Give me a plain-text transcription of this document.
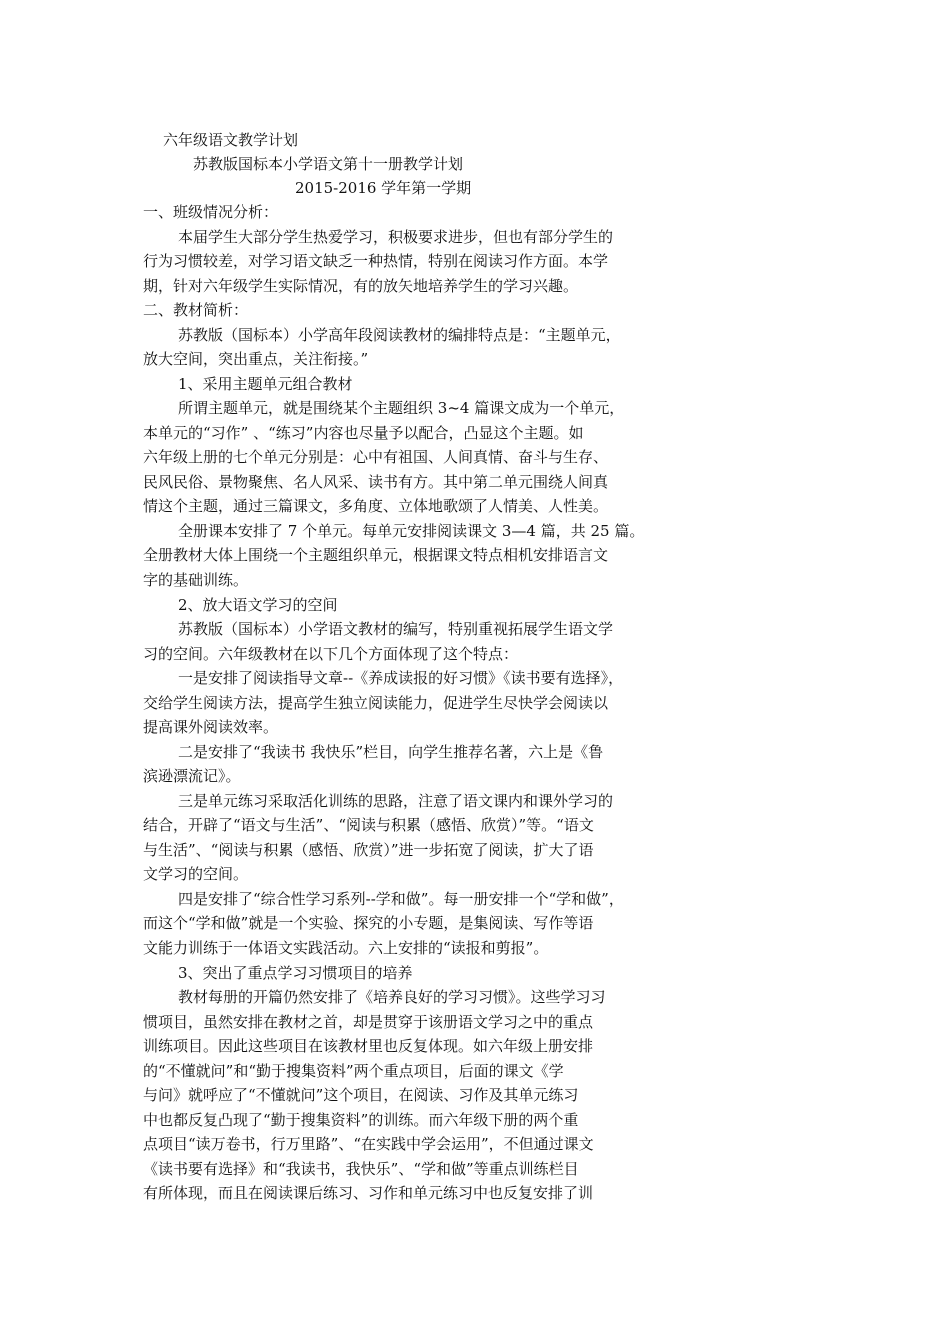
六年级语文教学计划
苏教版国标本小学语文第十一册教学计划
2015-2016 学年第一学期
一、班级情况分析：
本届学生大部分学生热爱学习，积极要求进步，但也有部分学生的
行为习惯较差，对学习语文缺乏一种热情，特别在阅读习作方面。本学
期，针对六年级学生实际情况，有的放矢地培养学生的学习兴趣。
二、教材简析：
苏教版（国标本）小学高年段阅读教材的编排特点是：“主题单元，
放大空间，突出重点，关注衔接。”
1、采用主题单元组合教材
所谓主题单元，就是围绕某个主题组织 3~4 篇课文成为一个单元，
本单元的“习作” 、“练习”内容也尽量予以配合，凸显这个主题。如
六年级上册的七个单元分别是：心中有祖国、人间真情、奋斗与生存、
民风民俗、景物聚焦、名人风采、读书有方。其中第二单元围绕人间真
情这个主题，通过三篇课文，多角度、立体地歌颂了人情美、人性美。
全册课本安排了 7 个单元。每单元安排阅读课文 3—4 篇，共 25 篇。
全册教材大体上围绕一个主题组织单元，根据课文特点相机安排语言文
字的基础训练。
2、放大语文学习的空间
苏教版（国标本）小学语文教材的编写，特别重视拓展学生语文学
习的空间。六年级教材在以下几个方面体现了这个特点：
一是安排了阅读指导文章--《养成读报的好习惯》《读书要有选择》，
交给学生阅读方法，提高学生独立阅读能力，促进学生尽快学会阅读以
提高课外阅读效率。
二是安排了“我读书 我快乐”栏目，向学生推荐名著，六上是《鲁
滨逊漂流记》。
三是单元练习采取活化训练的思路，注意了语文课内和课外学习的
结合，开辟了“语文与生活”、“阅读与积累（感悟、欣赏）”等。“语文
与生活”、“阅读与积累（感悟、欣赏）”进一步拓宽了阅读，扩大了语
文学习的空间。
四是安排了“综合性学习系列--学和做”。每一册安排一个“学和做”，
而这个“学和做”就是一个实验、探究的小专题，是集阅读、写作等语
文能力训练于一体语文实践活动。六上安排的“读报和剪报”。
3、突出了重点学习习惯项目的培养
教材每册的开篇仍然安排了《培养良好的学习习惯》。这些学习习
惯项目，虽然安排在教材之首，却是贯穿于该册语文学习之中的重点
训练项目。因此这些项目在该教材里也反复体现。如六年级上册安排
的“不懂就问”和“勤于搜集资料”两个重点项目，后面的课文《学
与问》就呼应了“不懂就问”这个项目，在阅读、习作及其单元练习
中也都反复凸现了“勤于搜集资料”的训练。而六年级下册的两个重
点项目“读万卷书，行万里路”、“在实践中学会运用”，不但通过课文
《读书要有选择》和“我读书，我快乐”、“学和做”等重点训练栏目
有所体现，而且在阅读课后练习、习作和单元练习中也反复安排了训
